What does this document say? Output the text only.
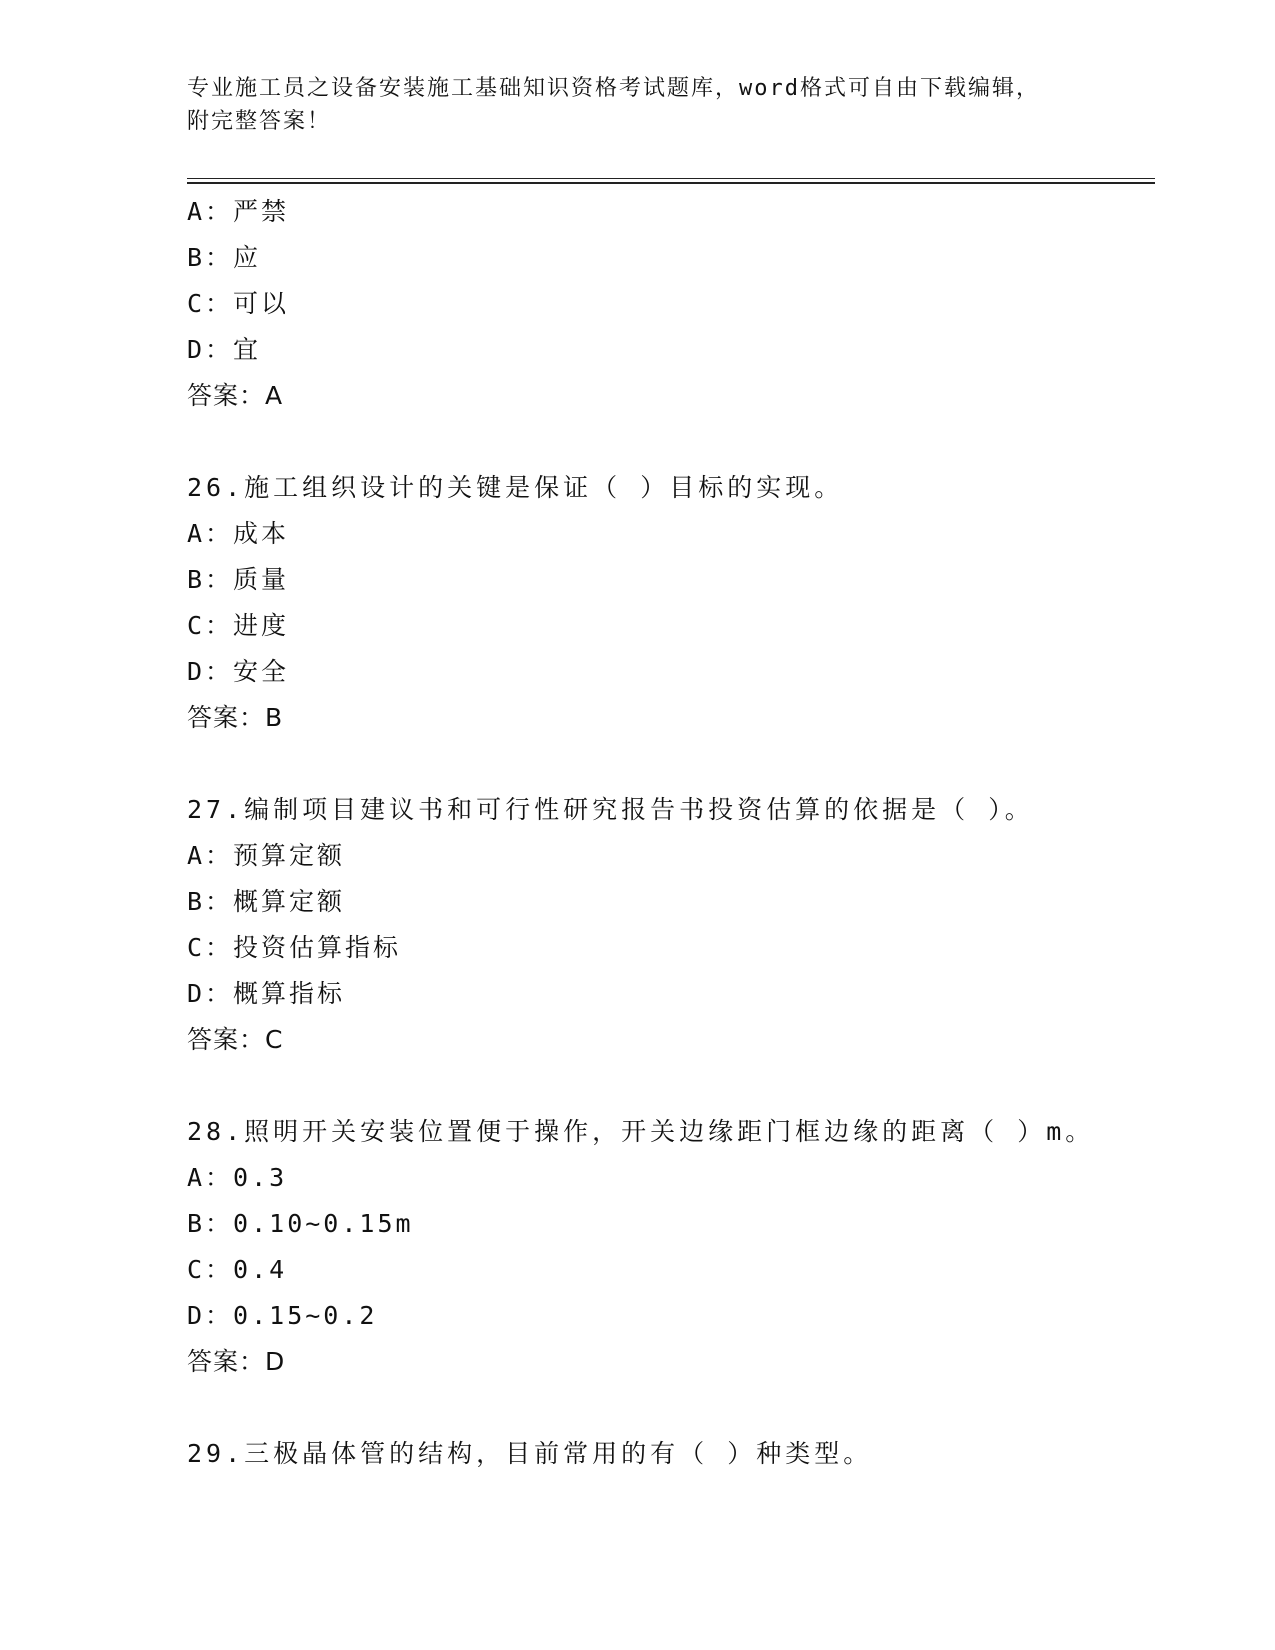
专业施工员之设备安装施工基础知识资格考试题库，word格式可自由下载编辑，
附完整答案！
A：严禁
B：应
C：可以
D：宜
答案：A
26.施工组织设计的关键是保证（ ）目标的实现。
A：成本
B：质量
C：进度
D：安全
答案：B
27.编制项目建议书和可行性研究报告书投资估算的依据是（ ）。
A：预算定额
B：概算定额
C：投资估算指标
D：概算指标
答案：C
28.照明开关安装位置便于操作，开关边缘距门框边缘的距离（ ）m。
A：0.3
B：0.10~0.15m
C：0.4
D：0.15~0.2
答案：D
29.三极晶体管的结构，目前常用的有（ ）种类型。
